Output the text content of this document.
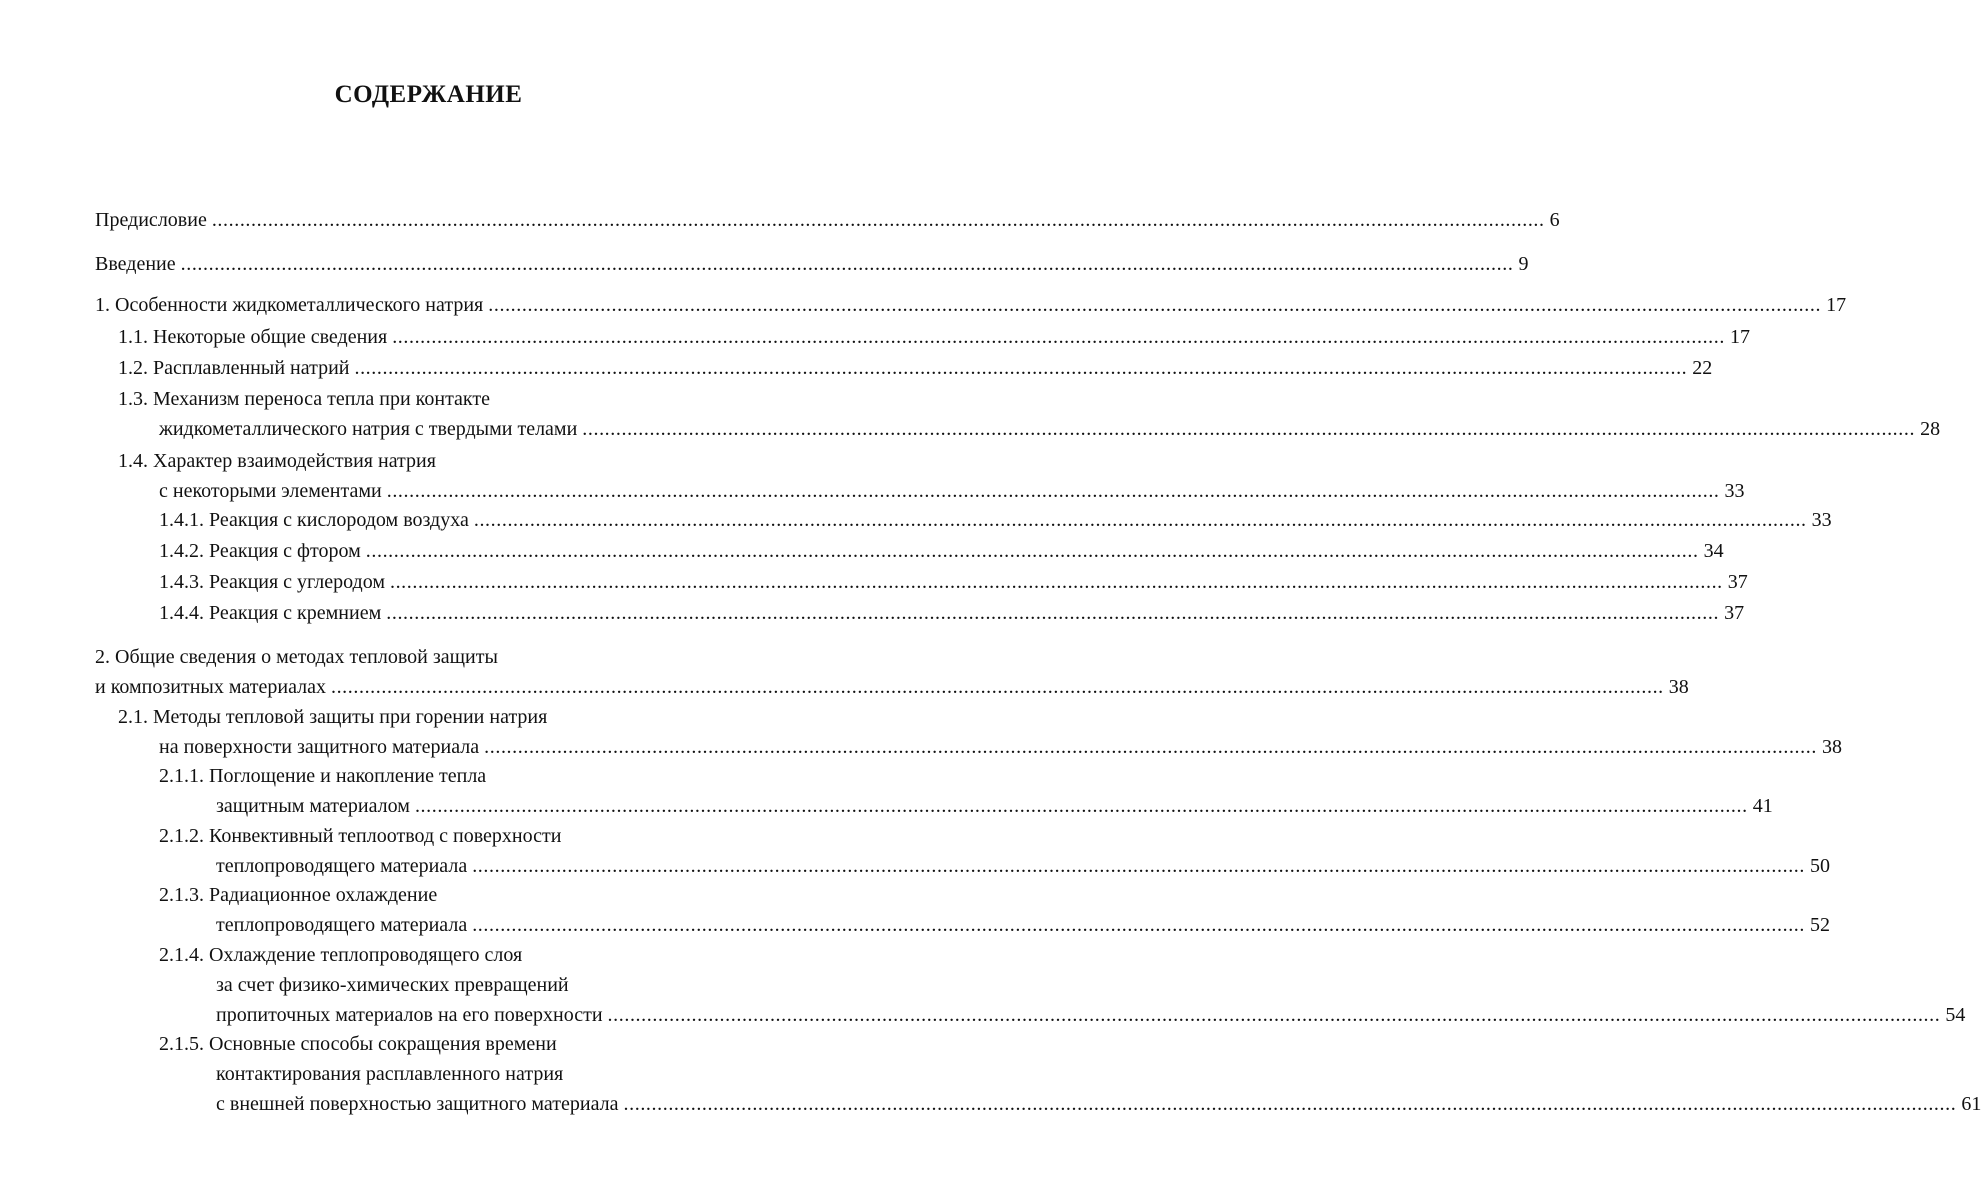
СОДЕРЖАНИЕ
Предисловие .............................................................................................................................................................................................................................................. 6
Введение .............................................................................................................................................................................................................................................. 9
1. Особенности жидкометаллического натрия .............................................................................................................................................................................................................................................. 17
1.1. Некоторые общие сведения .............................................................................................................................................................................................................................................. 17
1.2. Расплавленный натрий .............................................................................................................................................................................................................................................. 22
1.3. Механизм переноса тепла при контакте
жидкометаллического натрия с твердыми телами .............................................................................................................................................................................................................................................. 28
1.4. Характер взаимодействия натрия
с некоторыми элементами .............................................................................................................................................................................................................................................. 33
1.4.1. Реакция с кислородом воздуха .............................................................................................................................................................................................................................................. 33
1.4.2. Реакция с фтором .............................................................................................................................................................................................................................................. 34
1.4.3. Реакция с углеродом .............................................................................................................................................................................................................................................. 37
1.4.4. Реакция с кремнием .............................................................................................................................................................................................................................................. 37
2. Общие сведения о методах тепловой защиты
и композитных материалах .............................................................................................................................................................................................................................................. 38
2.1. Методы тепловой защиты при горении натрия
на поверхности защитного материала .............................................................................................................................................................................................................................................. 38
2.1.1. Поглощение и накопление тепла
защитным материалом .............................................................................................................................................................................................................................................. 41
2.1.2. Конвективный теплоотвод с поверхности
теплопроводящего материала .............................................................................................................................................................................................................................................. 50
2.1.3. Радиационное охлаждение
теплопроводящего материала .............................................................................................................................................................................................................................................. 52
2.1.4. Охлаждение теплопроводящего слоя
за счет физико-химических превращений
пропиточных материалов на его поверхности .............................................................................................................................................................................................................................................. 54
2.1.5. Основные способы сокращения времени
контактирования расплавленного натрия
с внешней поверхностью защитного материала .............................................................................................................................................................................................................................................. 61
